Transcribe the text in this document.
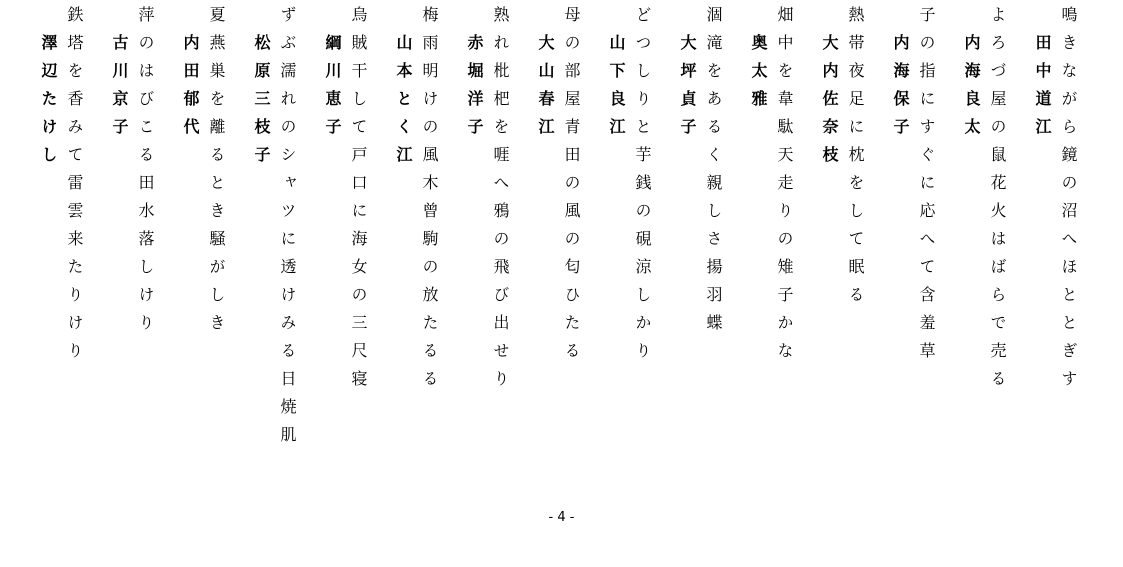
鳴きながら鏡の沼へほととぎす
田中道江
よろづ屋の鼠花火はばらで売る
内海良太
子の指にすぐに応へて含羞草
内海保子
熱帯夜足に枕をして眠る
大内佐奈枝
畑中を韋駄天走りの雉子かな
奥太雅
涸滝をあるく親しさ揚羽蝶
大坪貞子
どつしりと芋銭の硯涼しかり
山下良江
母の部屋青田の風の匂ひたる
大山春江
熟れ枇杷を啀へ鴉の飛び出せり
赤堀洋子
梅雨明けの風木曾駒の放たるる
山本とく江
烏賊干して戸口に海女の三尺寝
綱川恵子
ずぶ濡れのシャツに透けみる日焼肌
松原三枝子
夏燕巣を離るとき騒がしき
内田郁代
萍のはびこる田水落しけり
古川京子
鉄塔を香みて雷雲来たりけり
澤辺たけし
- 4 -
